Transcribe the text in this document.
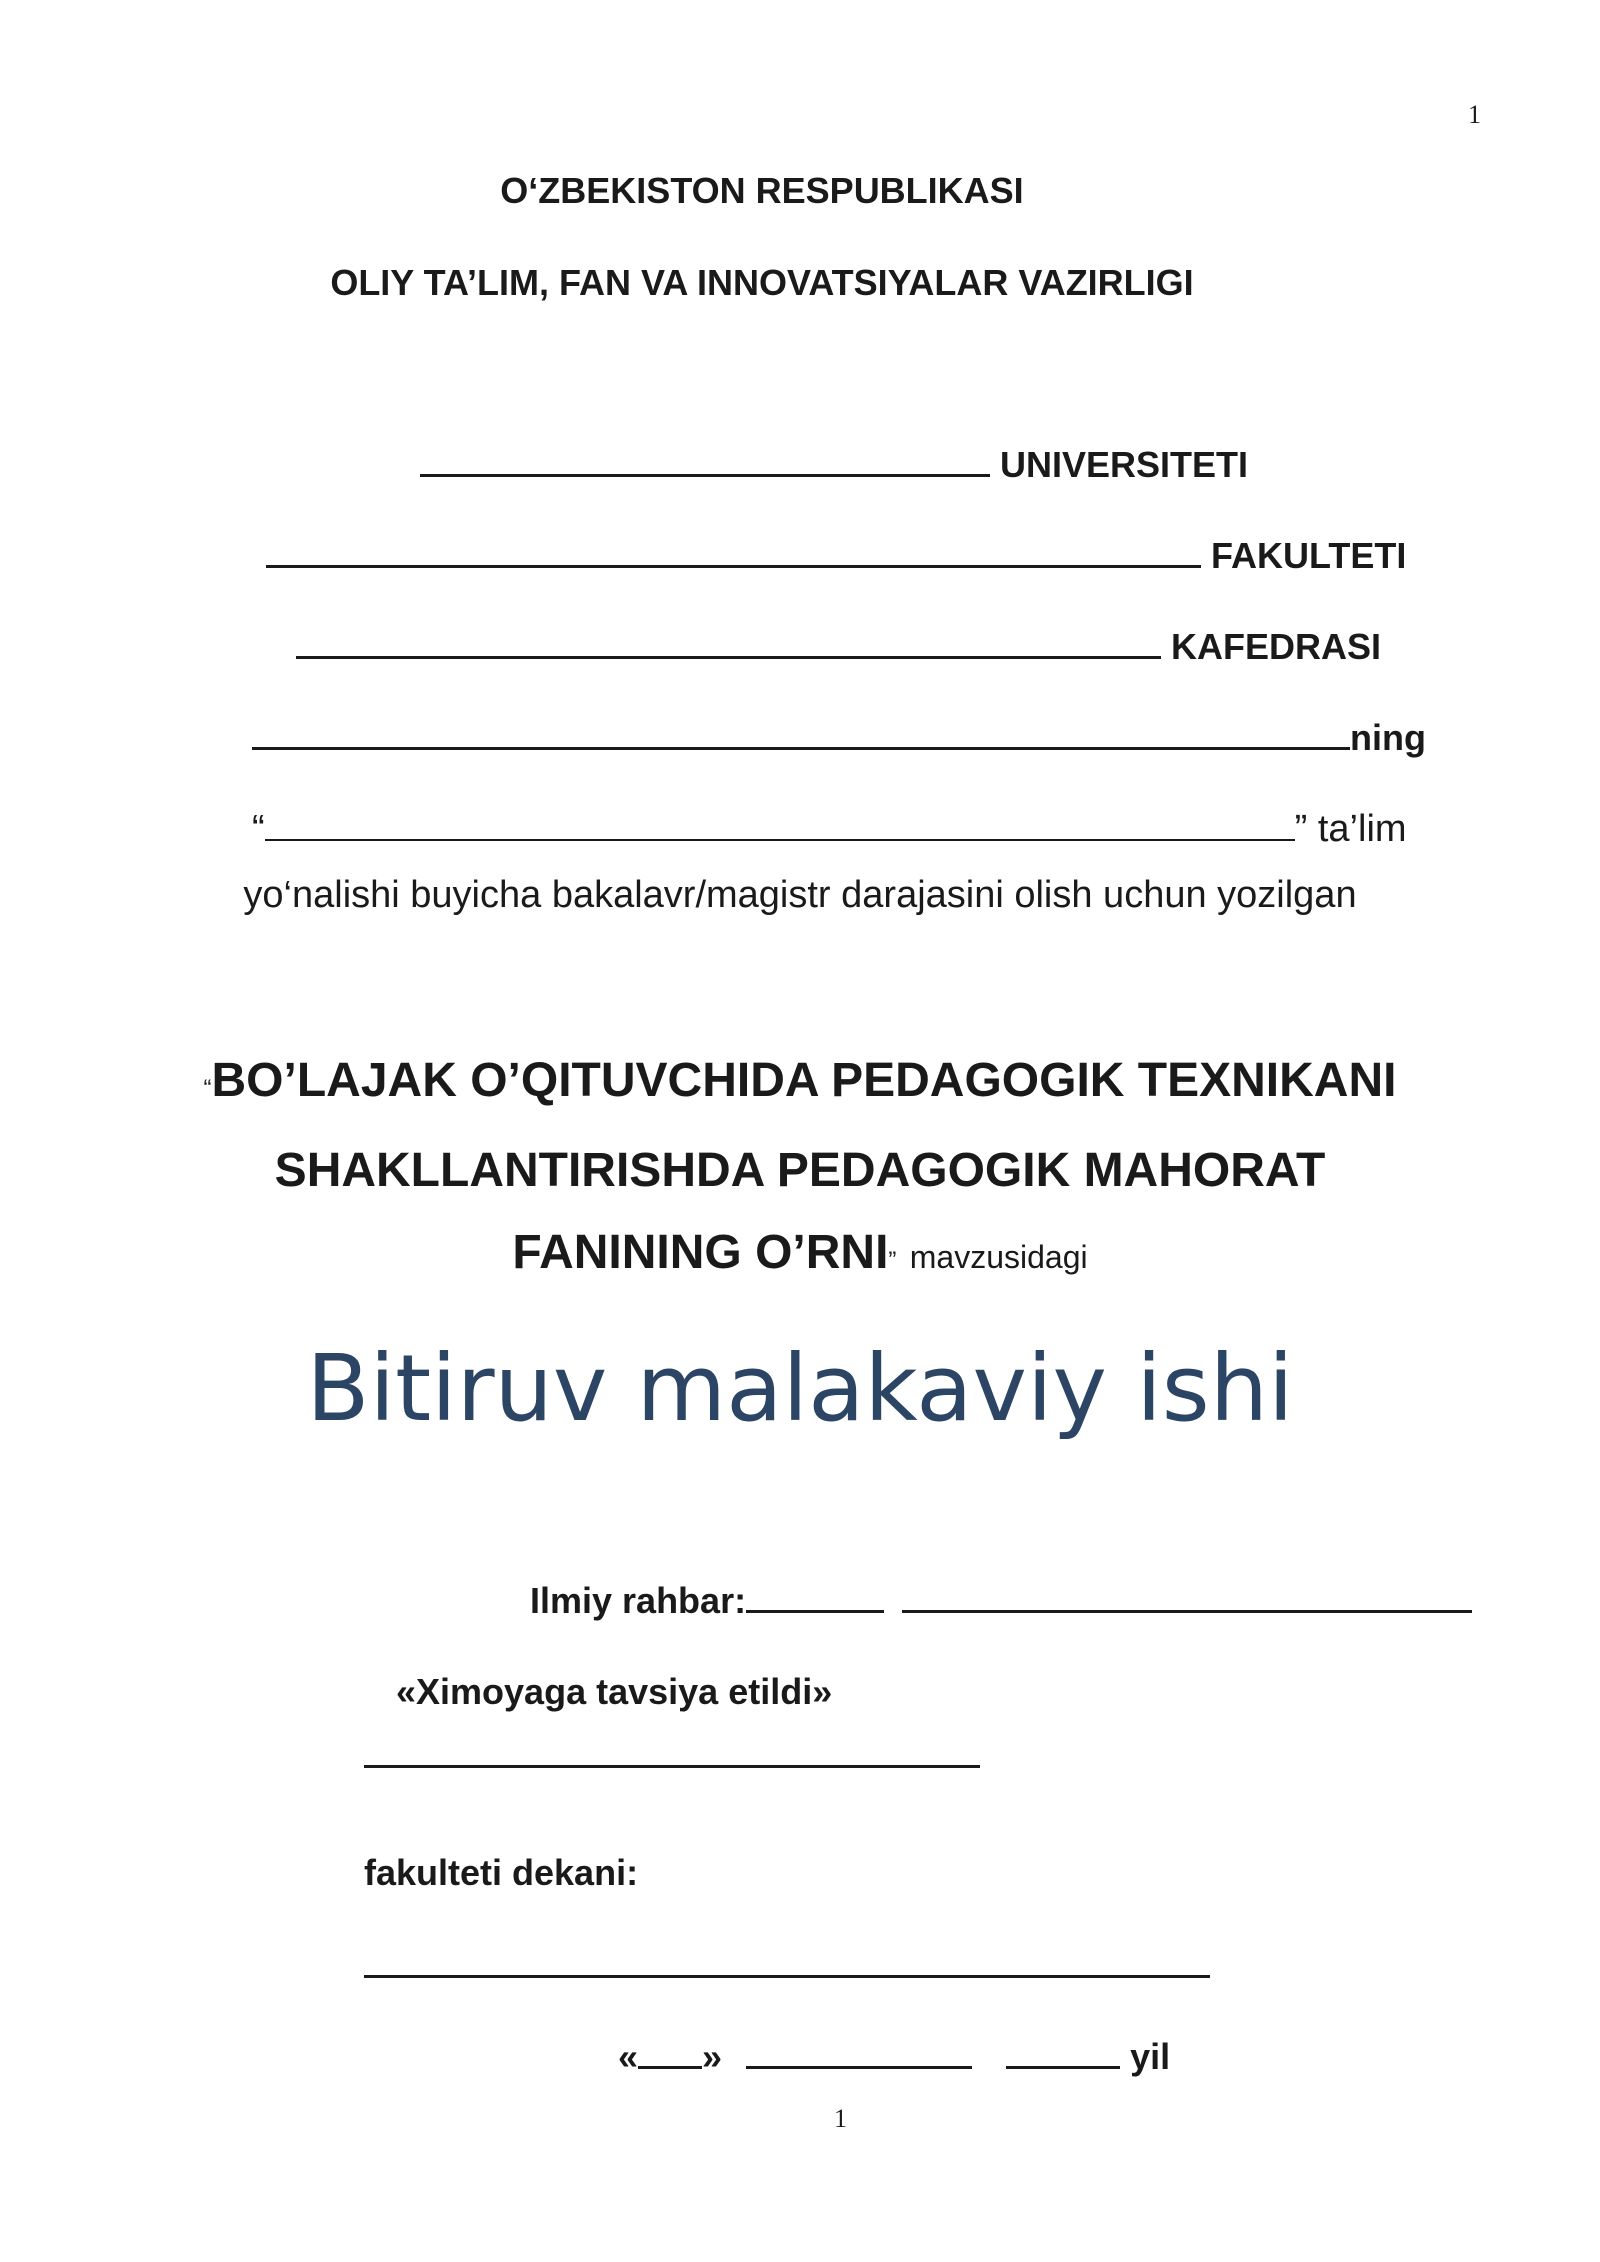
1
O‘ZBEKISTON RESPUBLIKASI
OLIY TA’LIM, FAN VA INNOVATSIYALAR VAZIRLIGI
UNIVERSITETI
FAKULTETI
KAFEDRASI
ning
“	” ta’lim
yo‘nalishi buyicha bakalavr/magistr darajasini olish uchun yozilgan
“BO’LAJAK O’QITUVCHIDA PEDAGOGIK TEXNIKANI
SHAKLLANTIRISHDA PEDAGOGIK MAHORAT
FANINING O’RNI” mavzusidagi
Bitiruv malakaviy ishi
Ilmiy rahbar:
«Ximoyaga tavsiya etildi»
fakulteti dekani:
« »	yil
1
